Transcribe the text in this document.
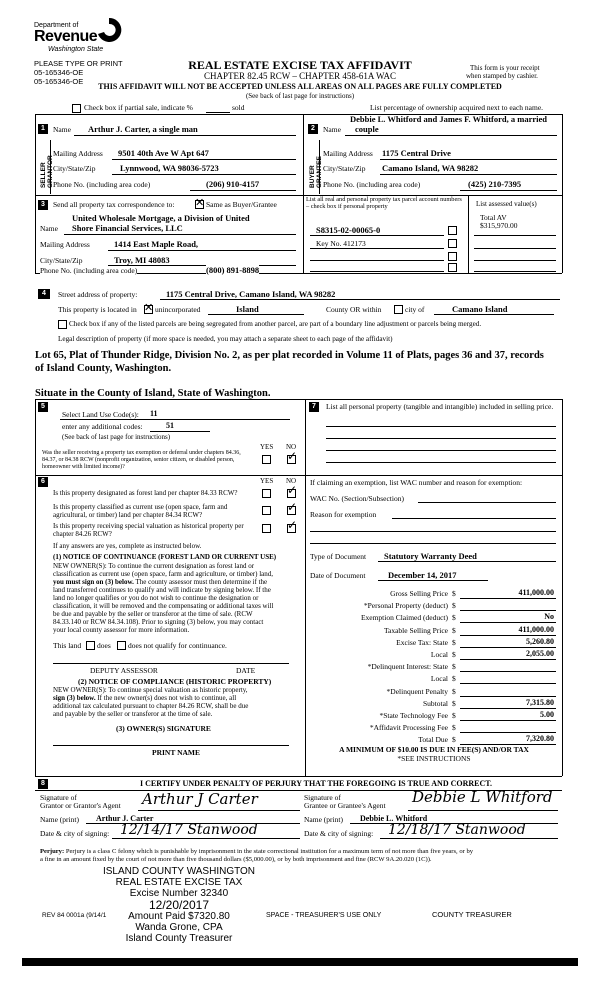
Department of
Revenue
Washington State
PLEASE TYPE OR PRINT
05-165346-OE
05-165346-OE
REAL ESTATE EXCISE TAX AFFIDAVIT
CHAPTER 82.45 RCW – CHAPTER 458-61A WAC
This form is your receipt
when stamped by cashier.
THIS AFFIDAVIT WILL NOT BE ACCEPTED UNLESS ALL AREAS ON ALL PAGES ARE FULLY COMPLETED
(See back of last page for instructions)
Check box if partial sale, indicate %	sold	List percentage of ownership acquired next to each name.
1	Name Arthur J. Carter, a single man
SELLER GRANTOR
Mailing Address 9501 40th Ave W Apt 647
City/State/Zip	Lynnwood, WA 98036-5723
Phone No. (including area code)	(206) 910-4157
Debbie L. Whitford and James F. Whitford, a married
2	Name couple
BUYER GRANTEE
Mailing Address 1175 Central Drive
City/State/Zip Camano Island, WA 98282
Phone No. (including area code)	(425) 210-7395
3	Send all property tax correspondence to: ✕ Same as Buyer/Grantee
United Wholesale Mortgage, a Division of United
Name Shore Financial Services, LLC
Mailing Address	1414 East Maple Road,
City/State/Zip	Troy, MI 48083
Phone No. (including area code)	(800) 891-8898
List all real and personal property tax parcel account numbers – check box if personal property
S8315-02-00065-0
Key No. 412173
List assessed value(s)
Total AV
$315,970.00
4	Street address of property:	1175 Central Drive, Camano Island, WA 98282
This property is located in ✕ unincorporated	Island	County OR within	city of	Camano Island
Check box if any of the listed parcels are being segregated from another parcel, are part of a boundary line adjustment or parcels being merged.
Legal description of property (if more space is needed, you may attach a separate sheet to each page of the affidavit)
Lot 65, Plat of Thunder Ridge, Division No. 2, as per plat recorded in Volume 11 of Plats, pages 36 and 37, records
of Island County, Washington.
Situate in the County of Island, State of Washington.
5
Select Land Use Code(s): 11
enter any additional codes:	51
(See back of last page for instructions)
YES NO
Was the seller receiving a property tax exemption or deferral under chapters 84.36, 84.37, or 84.38 RCW (nonprofit organization, senior citizen, or disabled person, homeowner with limited income)?
✓
6	YES NO
Is this property designated as forest land per chapter 84.33 RCW?	✓
Is this property classified as current use (open space, farm and agricultural, or timber) land per chapter 84.34 RCW?
✓
Is this property receiving special valuation as historical property per chapter 84.26 RCW?
✓
If any answers are yes, complete as instructed below.
(1) NOTICE OF CONTINUANCE (FOREST LAND OR CURRENT USE)
NEW OWNER(S): To continue the current designation as forest land or
classification as current use (open space, farm and agriculture, or timber) land,
you must sign on (3) below. The county assessor must then determine if the
land transferred continues to qualify and will indicate by signing below. If the
land no longer qualifies or you do not wish to continue the designation or
classification, it will be removed and the compensating or additional taxes will
be due and payable by the seller or transferor at the time of sale. (RCW
84.33.140 or RCW 84.34.108). Prior to signing (3) below, you may contact
your local county assessor for more information.
This land does does not qualify for continuance.
DEPUTY ASSESSOR	DATE
(2) NOTICE OF COMPLIANCE (HISTORIC PROPERTY)
NEW OWNER(S): To continue special valuation as historic property,
sign (3) below. If the new owner(s) does not wish to continue, all
additional tax calculated pursuant to chapter 84.26 RCW, shall be due
and payable by the seller or transferor at the time of sale.
(3) OWNER(S) SIGNATURE
PRINT NAME
7	List all personal property (tangible and intangible) included in selling price.
If claiming an exemption, list WAC number and reason for exemption:
WAC No. (Section/Subsection)
Reason for exemption
Type of Document Statutory Warranty Deed
Date of Document	December 14, 2017
Gross Selling Price $	411,000.00
*Personal Property (deduct) $
Exemption Claimed (deduct) $	No
Taxable Selling Price $	411,000.00
Excise Tax: State $	5,260.80
Local $	2,055.00
*Delinquent Interest: State $
Local $
*Delinquent Penalty $
Subtotal $	7,315.80
*State Technology Fee $	5.00
*Affidavit Processing Fee $
Total Due $	7,320.80
A MINIMUM OF $10.00 IS DUE IN FEE(S) AND/OR TAX
*SEE INSTRUCTIONS
8	I CERTIFY UNDER PENALTY OF PERJURY THAT THE FOREGOING IS TRUE AND CORRECT.
Signature of
Grantor or Grantor's Agent Arthur J Carter	Signature of
Grantee or Grantee's Agent Debbie L Whitford
Name (print) Arthur J. Carter	Name (print) Debbie L. Whitford
Date & city of signing: 12/14/17 Stanwood	Date & city of signing: 12/18/17 Stanwood
Perjury: Perjury is a class C felony which is punishable by imprisonment in the state correctional institution for a maximum term of not more than five years, or by
a fine in an amount fixed by the court of not more than five thousand dollars ($5,000.00), or by both imprisonment and fine (RCW 9A.20.020 (1C)).
ISLAND COUNTY WASHINGTON
REAL ESTATE EXCISE TAX
Excise Number 32340
12/20/2017
Amount Paid $7320.80
Wanda Grone, CPA
Island County Treasurer
REV 84 0001a (9/14/1	SPACE - TREASURER'S USE ONLY	COUNTY TREASURER
